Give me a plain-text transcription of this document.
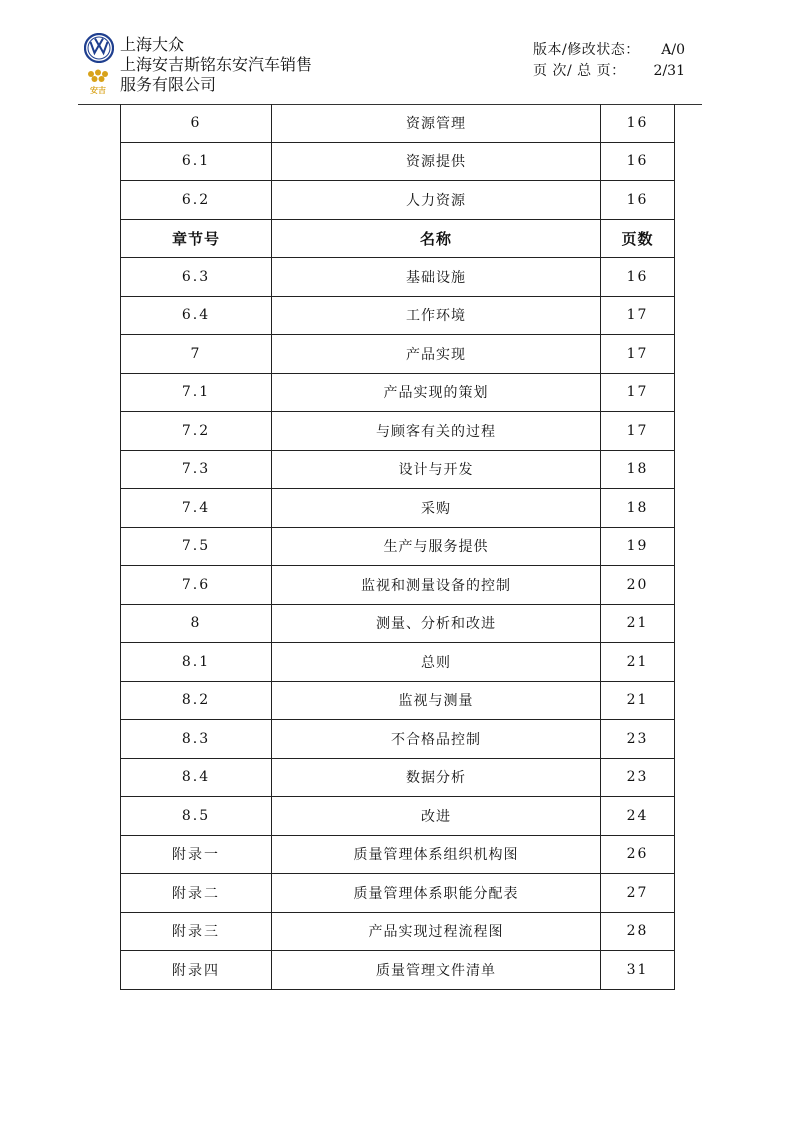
安吉
上海大众
上海安吉斯铭东安汽车销售
服务有限公司
版本/修改状态：	A/0
页 次/ 总 页：	2/31
6	资源管理	16
6.1	资源提供	16
6.2	人力资源	16
章节号	名称	页数
6.3	基础设施	16
6.4	工作环境	17
7	产品实现	17
7.1	产品实现的策划	17
7.2	与顾客有关的过程	17
7.3	设计与开发	18
7.4	采购	18
7.5	生产与服务提供	19
7.6	监视和测量设备的控制	20
8	测量、分析和改进	21
8.1	总则	21
8.2	监视与测量	21
8.3	不合格品控制	23
8.4	数据分析	23
8.5	改进	24
附录一	质量管理体系组织机构图	26
附录二	质量管理体系职能分配表	27
附录三	产品实现过程流程图	28
附录四	质量管理文件清单	31
